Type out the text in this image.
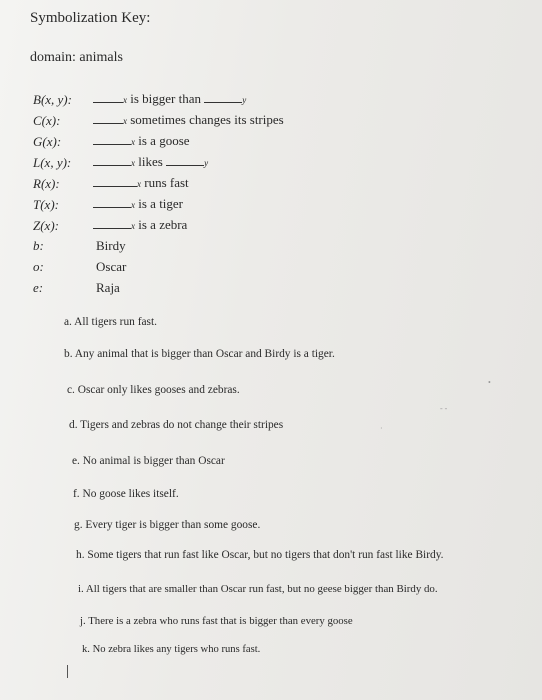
Symbolization Key:
domain: animals
B(x, y):
C(x):
G(x):
L(x, y):
R(x):
T(x):
Z(x):
x is bigger than	y
x sometimes changes its stripes
x is a goose
x likes	y
x runs fast
x is a tiger
x is a zebra
b:
o:
e:
Birdy
Oscar
Raja
a. All tigers run fast.
b. Any animal that is bigger than Oscar and Birdy is a tiger.
c. Oscar only likes gooses and zebras.
d. Tigers and zebras do not change their stripes
e. No animal is bigger than Oscar
f. No goose likes itself.
g. Every tiger is bigger than some goose.
h. Some tigers that run fast like Oscar, but no tigers that don't run fast like Birdy.
i. All tigers that are smaller than Oscar run fast, but no geese bigger than Birdy do.
j. There is a zebra who runs fast that is bigger than every goose
k. No zebra likes any tigers who runs fast.
•
- -
·
